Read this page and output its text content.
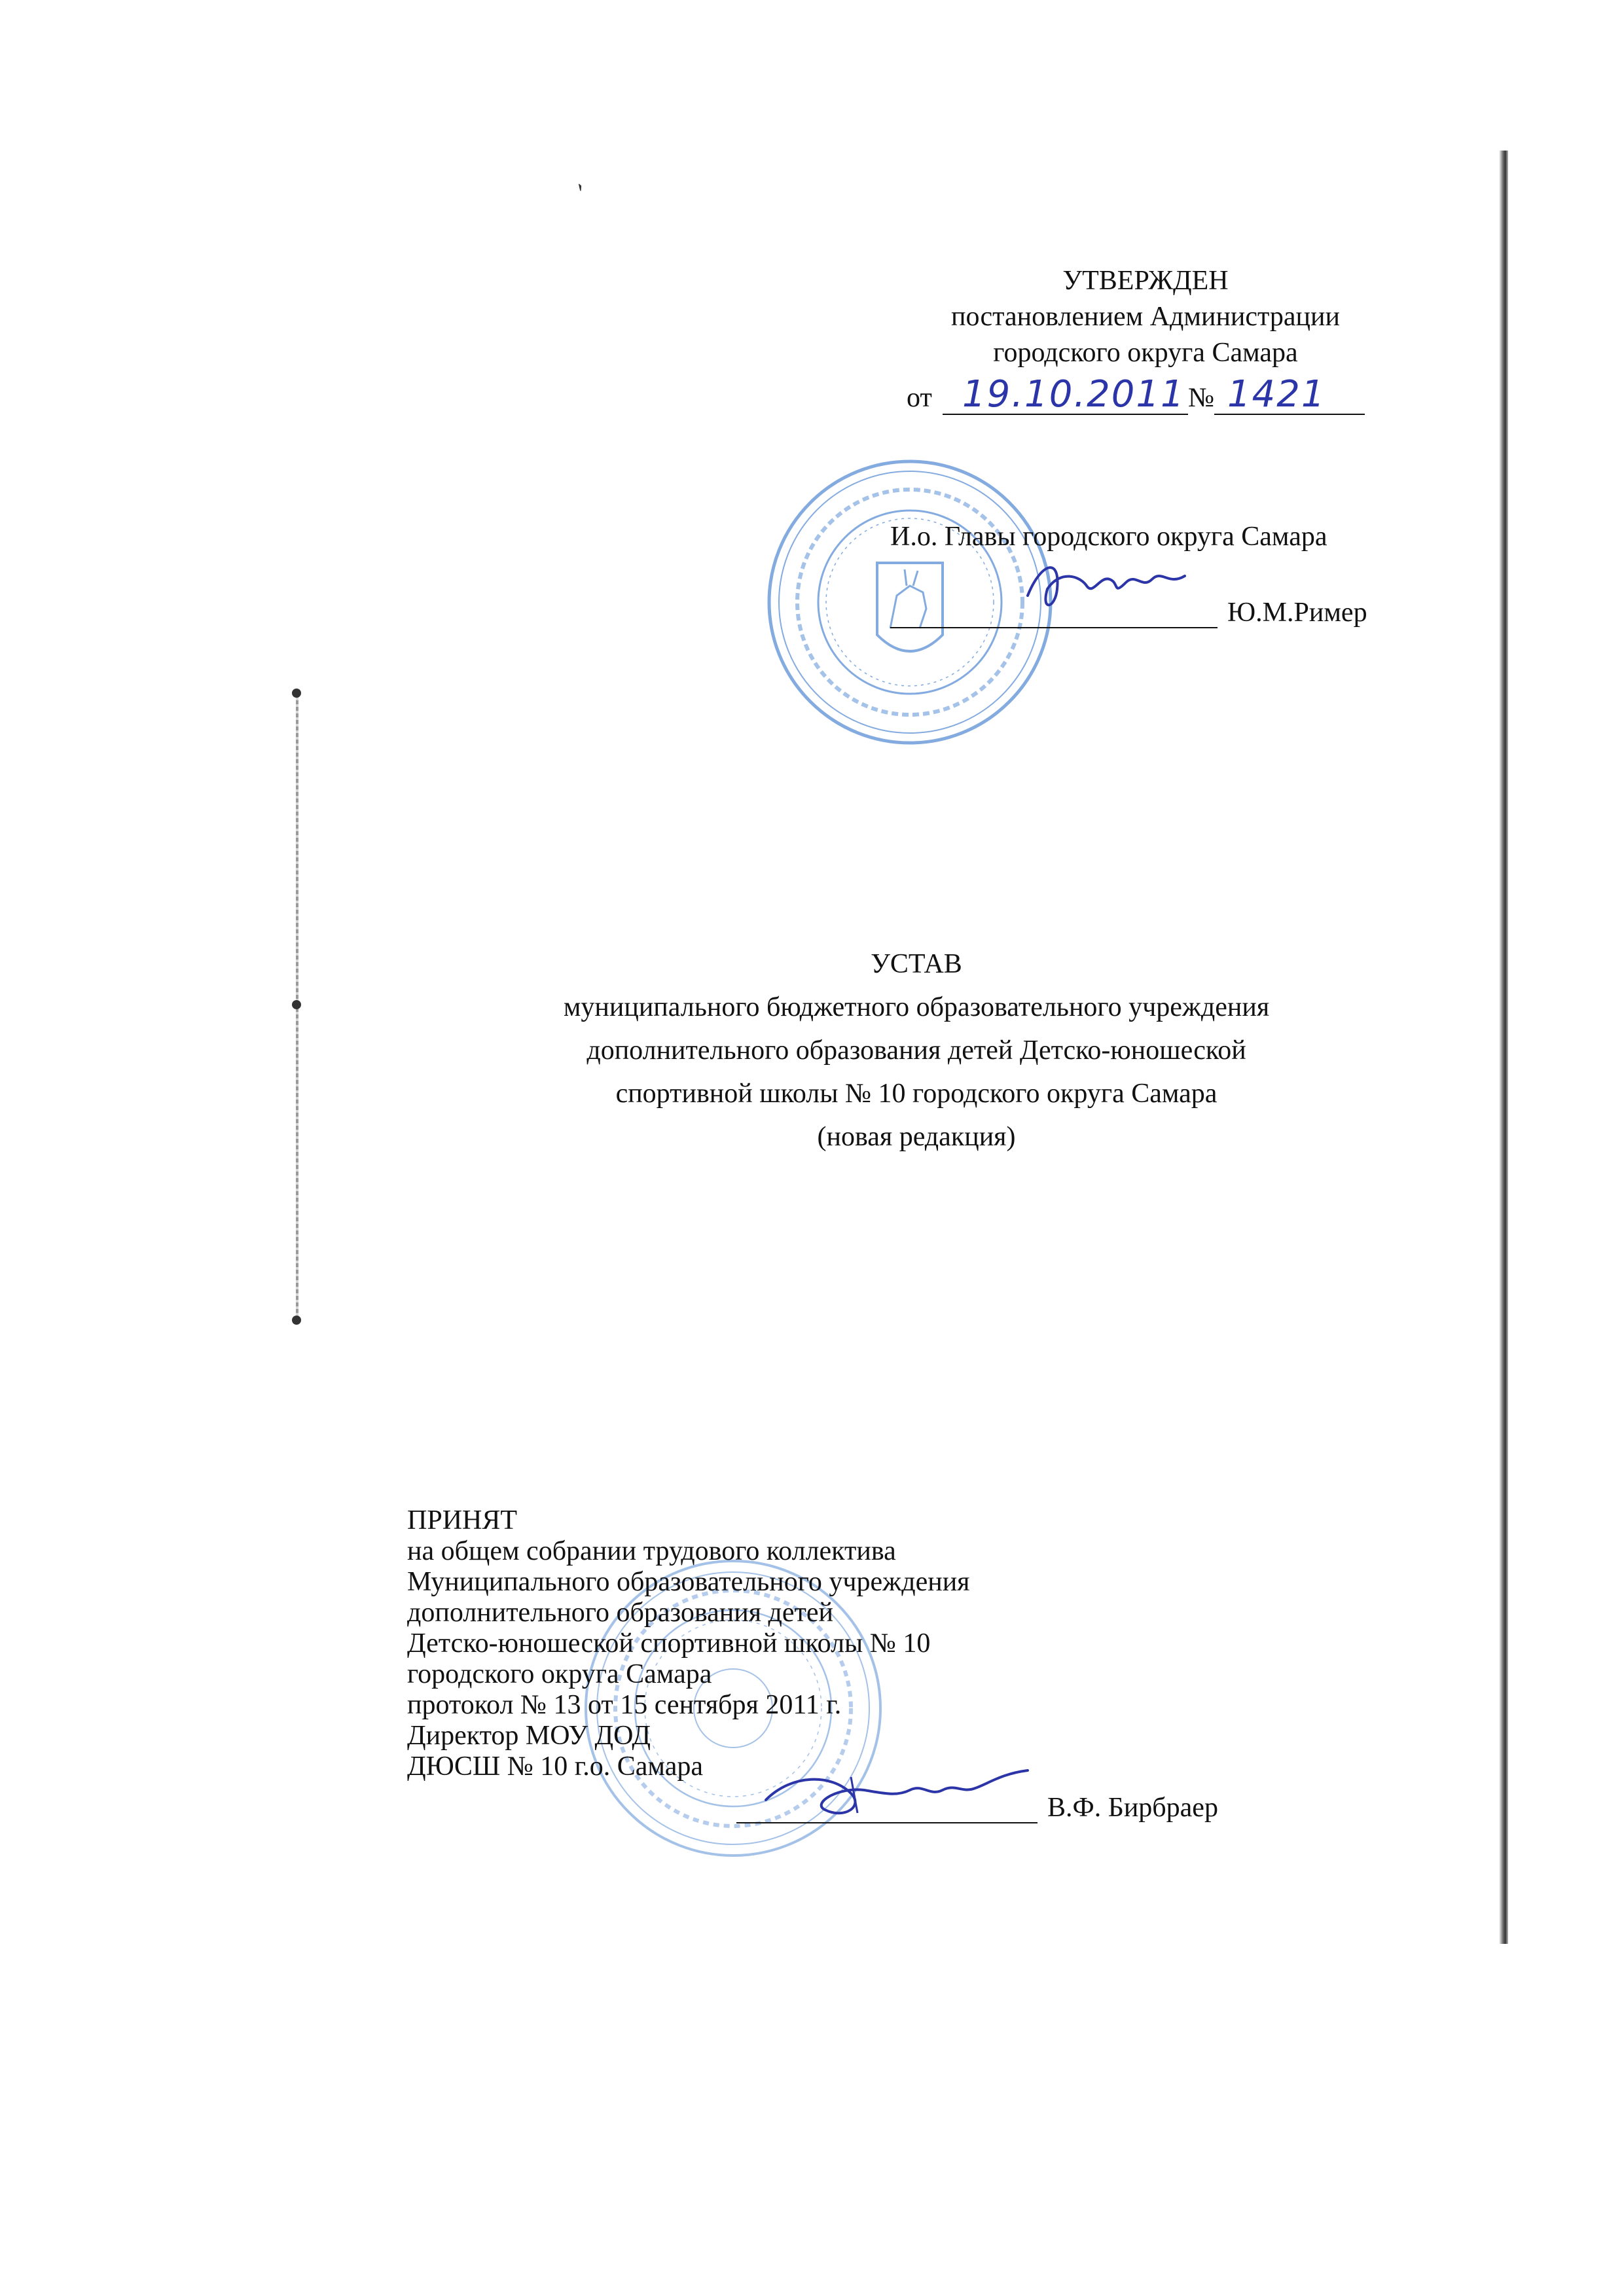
`
УТВЕРЖДЕН
постановлением Администрации
городского округа Самара
от 19.10.2011 № 1421
И.о. Главы городского округа Самара
Ю.М.Ример
УСТАВ
муниципального бюджетного образовательного учреждения
дополнительного образования детей Детско-юношеской
спортивной школы № 10 городского округа Самара
(новая редакция)
ПРИНЯТ
на общем собрании трудового коллектива
Муниципального образовательного учреждения
дополнительного образования детей
Детско-юношеской спортивной школы № 10
городского округа Самара
протокол № 13 от 15 сентября 2011 г.
Директор МОУ ДОД
ДЮСШ № 10 г.о. Самара
В.Ф. Бирбраер
